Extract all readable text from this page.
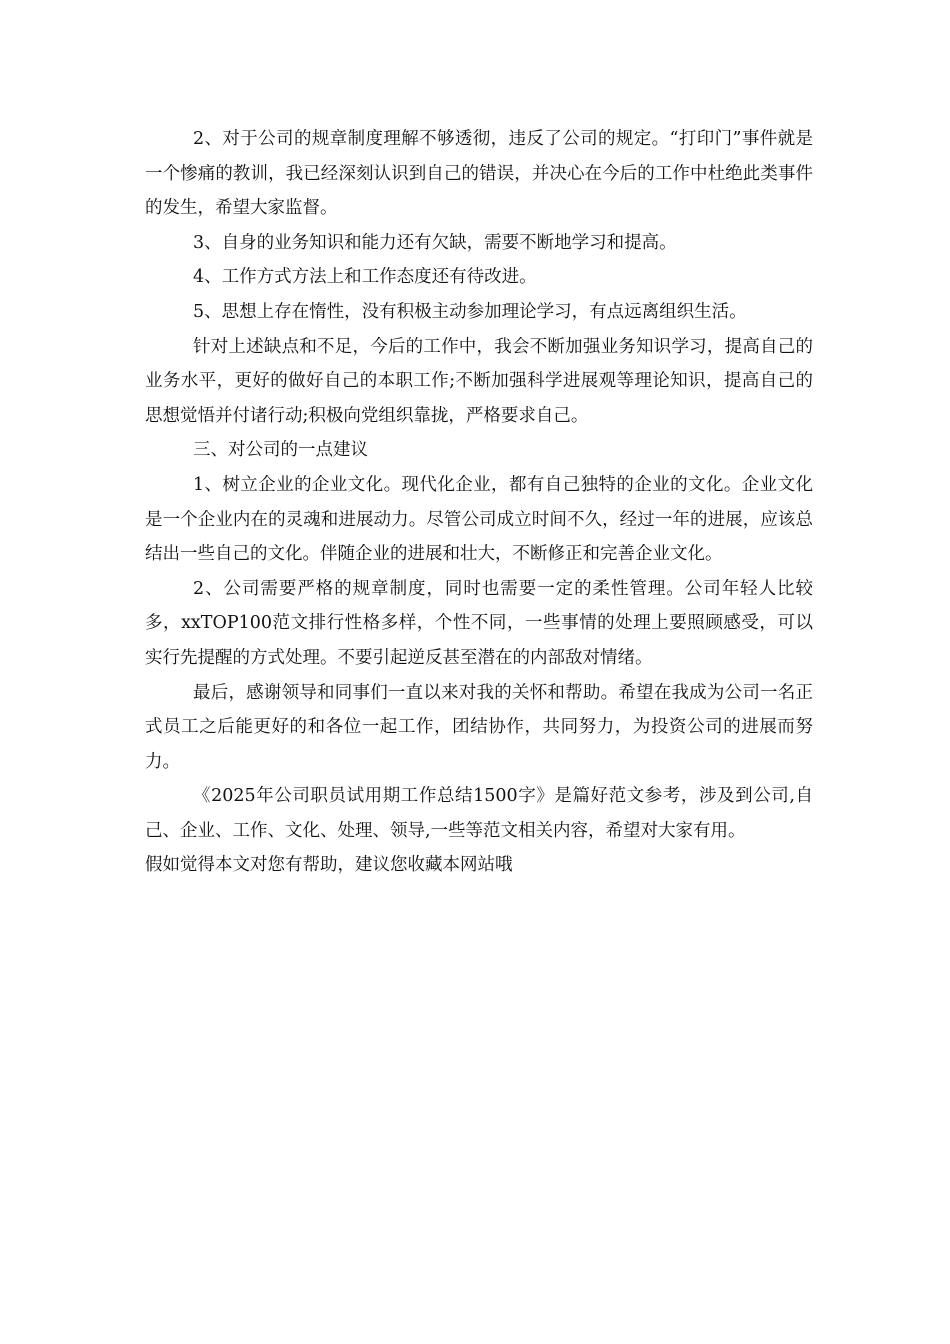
2、对于公司的规章制度理解不够透彻，违反了公司的规定。“打印门”事件就是一个惨痛的教训，我已经深刻认识到自己的错误，并决心在今后的工作中杜绝此类事件的发生，希望大家监督。

3、自身的业务知识和能力还有欠缺，需要不断地学习和提高。

4、工作方式方法上和工作态度还有待改进。

5、思想上存在惰性，没有积极主动参加理论学习，有点远离组织生活。

针对上述缺点和不足，今后的工作中，我会不断加强业务知识学习，提高自己的业务水平，更好的做好自己的本职工作;不断加强科学进展观等理论知识，提高自己的思想觉悟并付诸行动;积极向党组织靠拢，严格要求自己。

三、对公司的一点建议

1、树立企业的企业文化。现代化企业，都有自己独特的企业的文化。企业文化是一个企业内在的灵魂和进展动力。尽管公司成立时间不久，经过一年的进展，应该总结出一些自己的文化。伴随企业的进展和壮大，不断修正和完善企业文化。

2、公司需要严格的规章制度，同时也需要一定的柔性管理。公司年轻人比较多，xxTOP100范文排行性格多样，个性不同，一些事情的处理上要照顾感受，可以实行先提醒的方式处理。不要引起逆反甚至潜在的内部敌对情绪。

最后，感谢领导和同事们一直以来对我的关怀和帮助。希望在我成为公司一名正式员工之后能更好的和各位一起工作，团结协作，共同努力，为投资公司的进展而努力。

《2025年公司职员试用期工作总结1500字》是篇好范文参考，涉及到公司,自己、企业、工作、文化、处理、领导,一些等范文相关内容，希望对大家有用。

假如觉得本文对您有帮助，建议您收藏本网站哦
